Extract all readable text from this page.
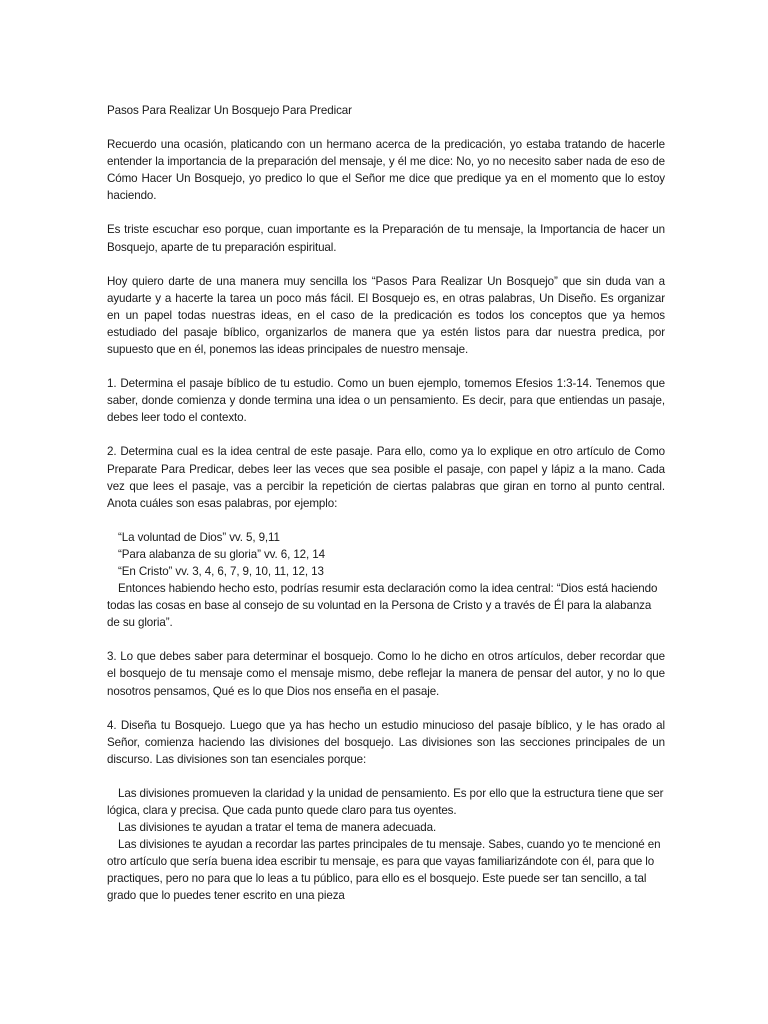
Pasos Para Realizar Un Bosquejo Para Predicar

Recuerdo una ocasión, platicando con un hermano acerca de la predicación, yo estaba tratando de hacerle entender la importancia de la preparación del mensaje, y él me dice: No, yo no necesito saber nada de eso de Cómo Hacer Un Bosquejo, yo predico lo que el Señor me dice que predique ya en el momento que lo estoy haciendo.

Es triste escuchar eso porque, cuan importante es la Preparación de tu mensaje, la Importancia de hacer un Bosquejo, aparte de tu preparación espiritual.

Hoy quiero darte de una manera muy sencilla los “Pasos Para Realizar Un Bosquejo” que sin duda van a ayudarte y a hacerte la tarea un poco más fácil. El Bosquejo es, en otras palabras, Un Diseño. Es organizar en un papel todas nuestras ideas, en el caso de la predicación es todos los conceptos que ya hemos estudiado del pasaje bíblico, organizarlos de manera que ya estén listos para dar nuestra predica, por supuesto que en él, ponemos las ideas principales de nuestro mensaje.

1. Determina el pasaje bíblico de tu estudio. Como un buen ejemplo, tomemos Efesios 1:3-14. Tenemos que saber, donde comienza y donde termina una idea o un pensamiento. Es decir, para que entiendas un pasaje, debes leer todo el contexto.

2. Determina cual es la idea central de este pasaje. Para ello, como ya lo explique en otro artículo de Como Preparate Para Predicar, debes leer las veces que sea posible el pasaje, con papel y lápiz a la mano. Cada vez que lees el pasaje, vas a percibir la repetición de ciertas palabras que giran en torno al punto central. Anota cuáles son esas palabras, por ejemplo:

“La voluntad de Dios” vv. 5, 9,11

“Para alabanza de su gloria” vv. 6, 12, 14

“En Cristo” vv. 3, 4, 6, 7, 9, 10, 11, 12, 13

Entonces habiendo hecho esto, podrías resumir esta declaración como la idea central: “Dios está haciendo todas las cosas en base al consejo de su voluntad en la Persona de Cristo y a través de Él para la alabanza de su gloria”.

3. Lo que debes saber para determinar el bosquejo. Como lo he dicho en otros artículos, deber recordar que el bosquejo de tu mensaje como el mensaje mismo, debe reflejar la manera de pensar del autor, y no lo que nosotros pensamos, Qué es lo que Dios nos enseña en el pasaje.

4. Diseña tu Bosquejo. Luego que ya has hecho un estudio minucioso del pasaje bíblico, y le has orado al Señor, comienza haciendo las divisiones del bosquejo. Las divisiones son las secciones principales de un discurso. Las divisiones son tan esenciales porque:

Las divisiones promueven la claridad y la unidad de pensamiento. Es por ello que la estructura tiene que ser lógica, clara y precisa. Que cada punto quede claro para tus oyentes.

Las divisiones te ayudan a tratar el tema de manera adecuada.

Las divisiones te ayudan a recordar las partes principales de tu mensaje. Sabes, cuando yo te mencioné en otro artículo que sería buena idea escribir tu mensaje, es para que vayas familiarizándote con él, para que lo practiques, pero no para que lo leas a tu público, para ello es el bosquejo. Este puede ser tan sencillo, a tal grado que lo puedes tener escrito en una pieza
